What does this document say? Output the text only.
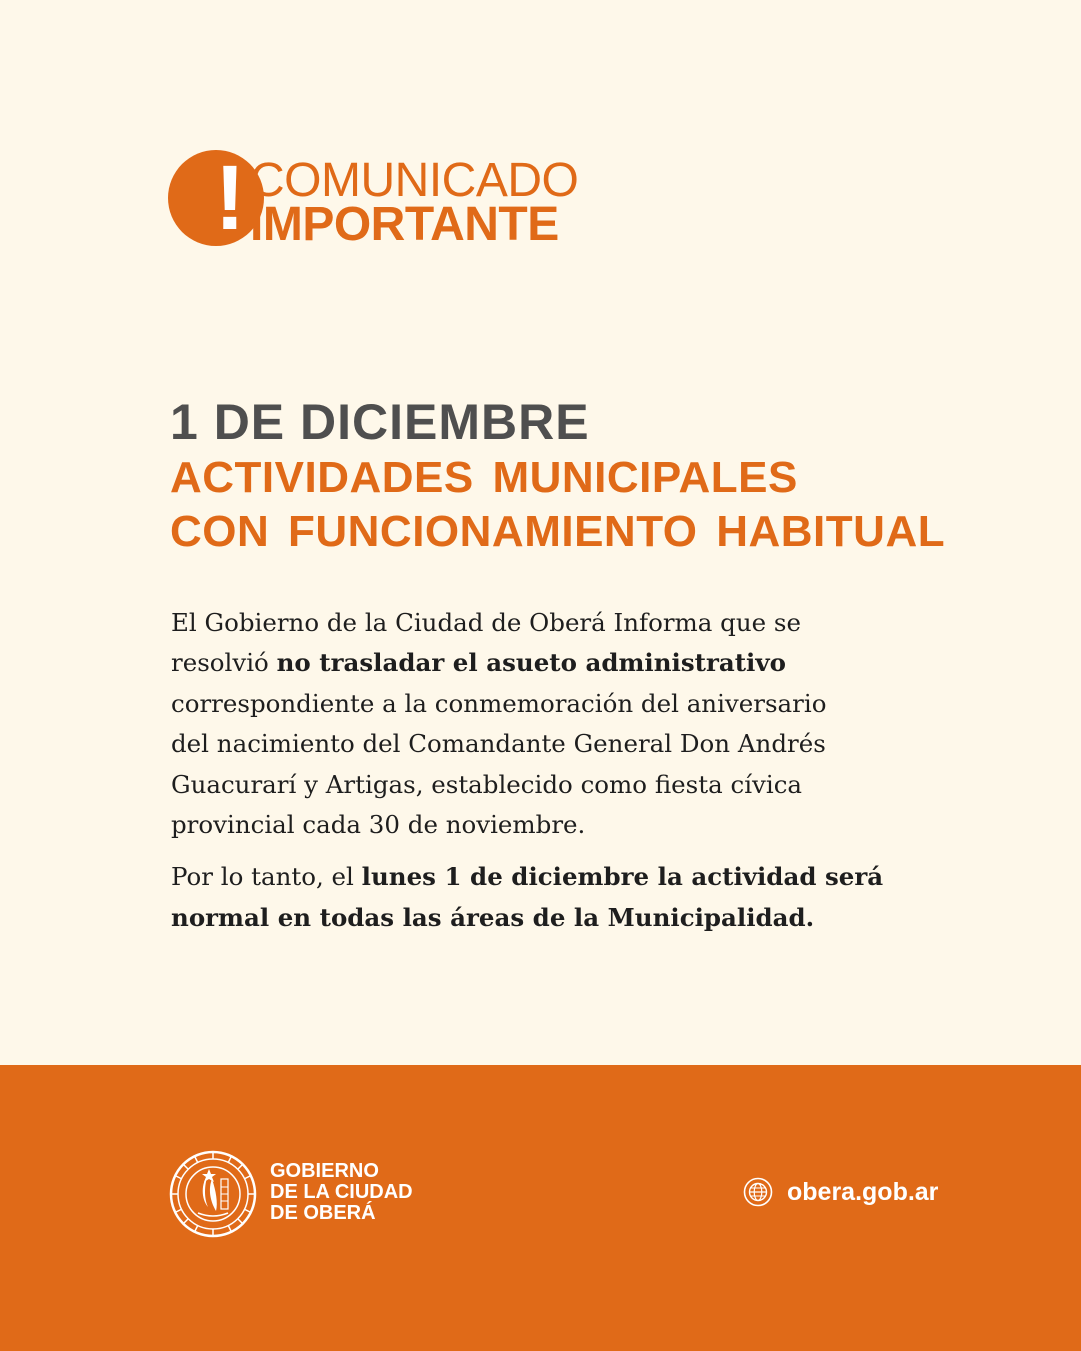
! COMUNICADO
IMPORTANTE
1 DE DICIEMBRE
ACTIVIDADES MUNICIPALES
CON FUNCIONAMIENTO HABITUAL

El Gobierno de la Ciudad de Oberá Informa que se
resolvió no trasladar el asueto administrativo
correspondiente a la conmemoración del aniversario
del nacimiento del Comandante General Don Andrés
Guacurarí y Artigas, establecido como fiesta cívica
provincial cada 30 de noviembre.

Por lo tanto, el lunes 1 de diciembre la actividad será
normal en todas las áreas de la Municipalidad.

GOBIERNO
DE LA CIUDAD
DE OBERÁ
obera.gob.ar
